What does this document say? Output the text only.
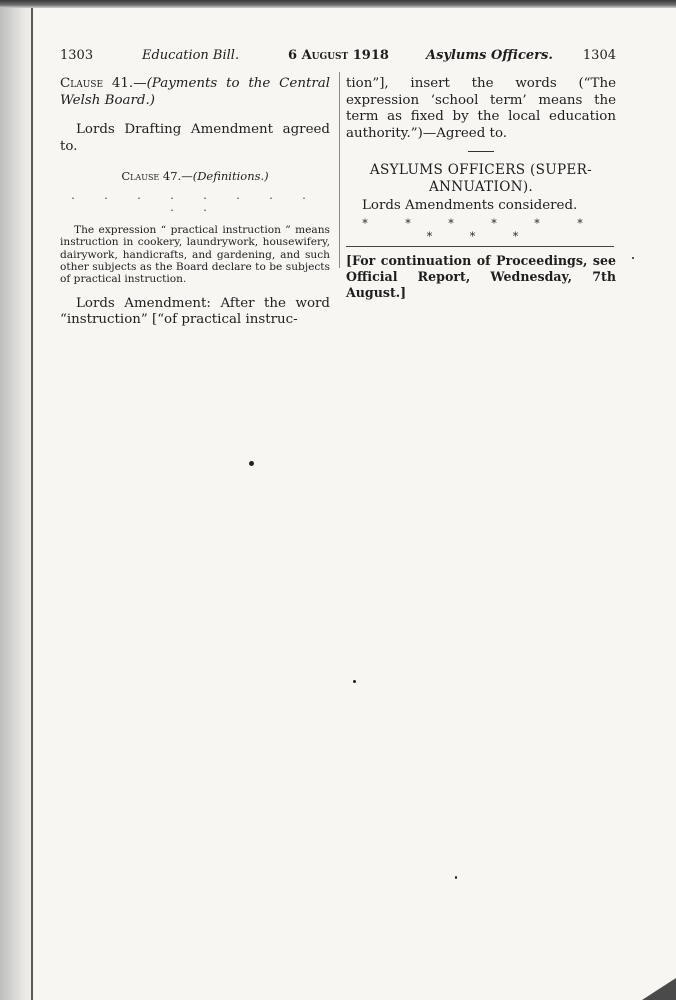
1303	Education Bill.	6 August 1918	Asylums Officers. 1304

Clause 41.—(Payments to the Central Welsh Board.)

Lords Drafting Amendment agreed to.

Clause 47.—(Definitions.)

. . . . . . . . . .

The expression “ practical instruction ” means instruction in cookery, laundrywork, housewifery, dairywork, handicrafts, and gardening, and such other subjects as the Board declare to be subjects of practical instruction.

Lords Amendment: After the word “instruction” [“of practical instruc-

tion”], insert the words (“The expression ‘school term’ means the term as fixed by the local education authority.”)—Agreed to.

ASYLUMS OFFICERS (SUPER-ANNUATION).

Lords Amendments considered.

* * * * * * * * *

[For continuation of Proceedings, see Official Report, Wednesday, 7th August.]
